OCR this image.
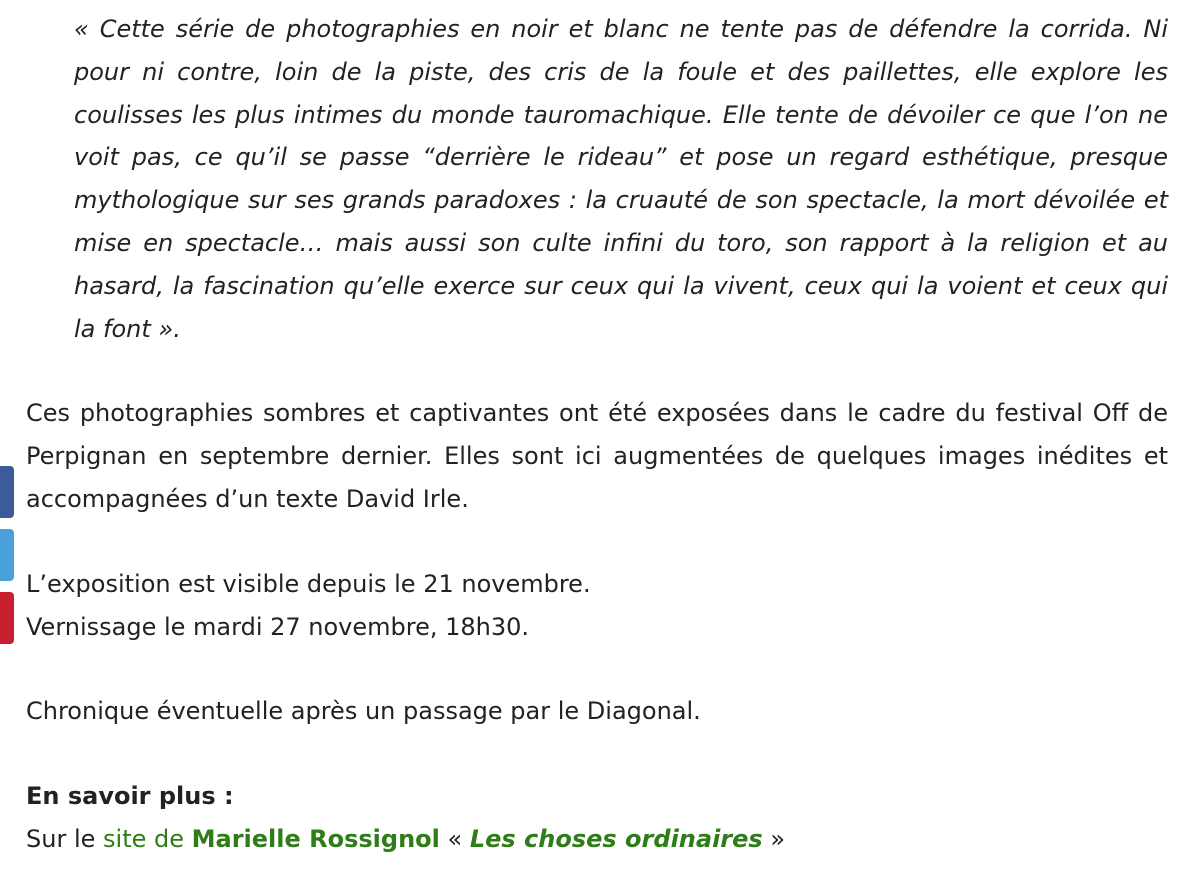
« Cette série de photographies en noir et blanc ne tente pas de défendre la corrida. Ni pour ni contre, loin de la piste, des cris de la foule et des paillettes, elle explore les coulisses les plus intimes du monde tauromachique. Elle tente de dévoiler ce que l’on ne voit pas, ce qu’il se passe “derrière le rideau” et pose un regard esthétique, presque mythologique sur ses grands paradoxes : la cruauté de son spectacle, la mort dévoilée et mise en spectacle… mais aussi son culte infini du toro, son rapport à la religion et au hasard, la fascination qu’elle exerce sur ceux qui la vivent, ceux qui la voient et ceux qui la font ».

Ces photographies sombres et captivantes ont été exposées dans le cadre du festival Off de Perpignan en septembre dernier. Elles sont ici augmentées de quelques images inédites et accompagnées d’un texte David Irle.

L’exposition est visible depuis le 21 novembre.

Vernissage le mardi 27 novembre, 18h30.

Chronique éventuelle après un passage par le Diagonal.

En savoir plus :

Sur le site de Marielle Rossignol « Les choses ordinaires »
